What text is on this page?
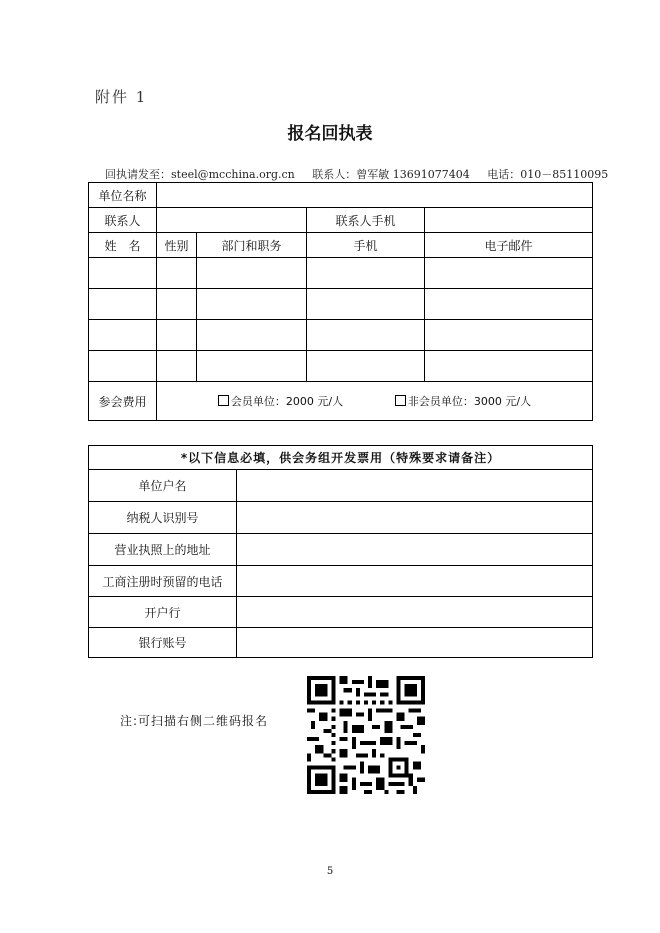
附件 1
报名回执表
回执请发至：steel@mcchina.org.cn 联系人：曾军敏 13691077404 电话：010－85110095
单位名称				
联系人			联系人手机	
姓　名	性别	部门和职务	手机	电子邮件

参会费用	会员单位：2000 元/人 非会员单位：3000 元/人			
*以下信息必填，供会务组开发票用（特殊要求请备注）	
单位户名	
纳税人识别号	
营业执照上的地址	
工商注册时预留的电话	
开户行	
银行账号	
注:可扫描右侧二维码报名
5
